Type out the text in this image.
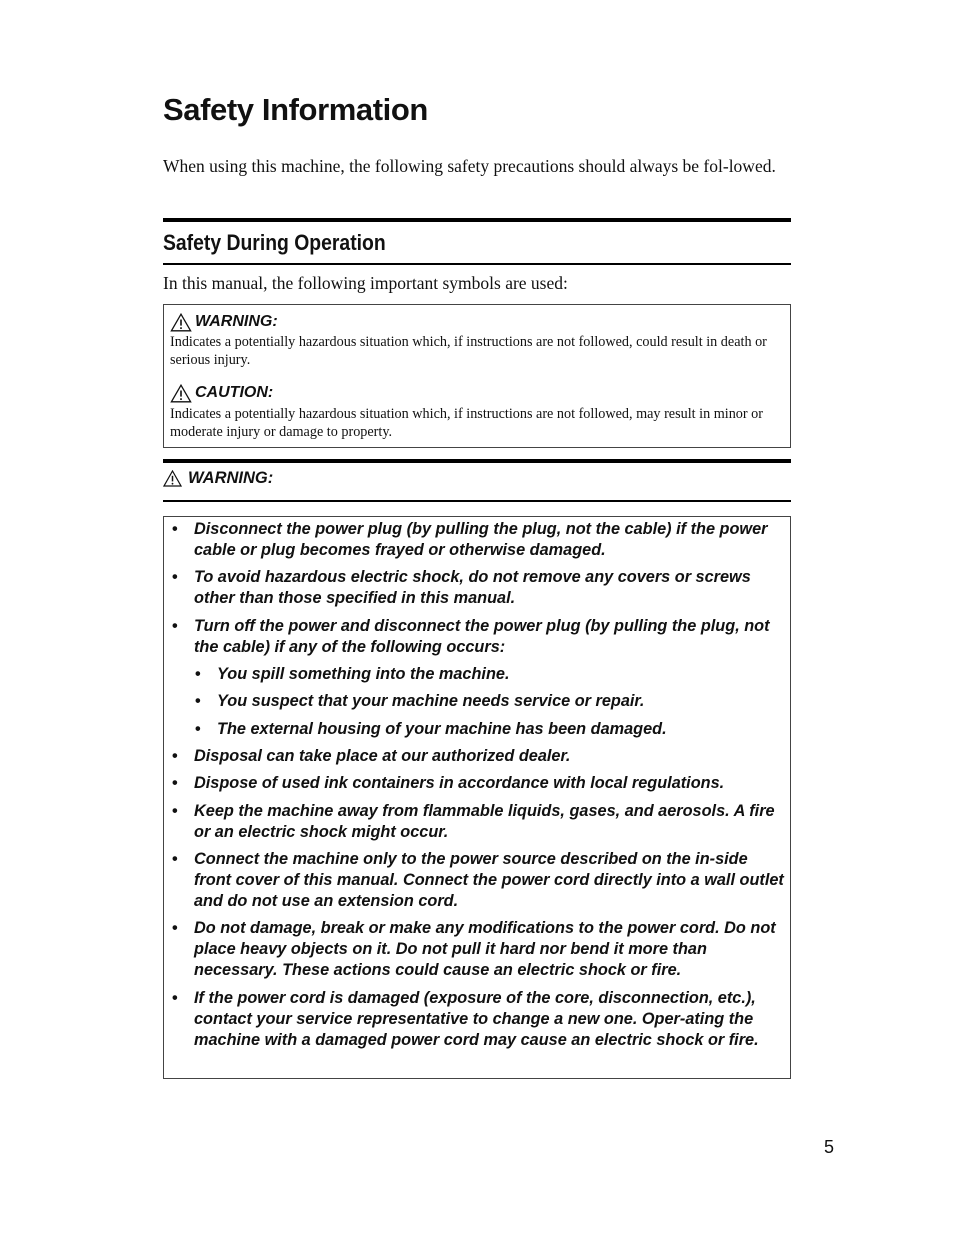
Safety Information

When using this machine, the following safety precautions should always be fol-lowed.

Safety During Operation

In this manual, the following important symbols are used:

WARNING:

Indicates a potentially hazardous situation which, if instructions are not followed, could result in death or serious injury.

CAUTION:

Indicates a potentially hazardous situation which, if instructions are not followed, may result in minor or moderate injury or damage to property.

WARNING:

• Disconnect the power plug (by pulling the plug, not the cable) if the power cable or plug becomes frayed or otherwise damaged.
• To avoid hazardous electric shock, do not remove any covers or screws other than those specified in this manual.
• Turn off the power and disconnect the power plug (by pulling the plug, not the cable) if any of the following occurs:
• You spill something into the machine.
• You suspect that your machine needs service or repair.
• The external housing of your machine has been damaged.
• Disposal can take place at our authorized dealer.
• Dispose of used ink containers in accordance with local regulations.
• Keep the machine away from flammable liquids, gases, and aerosols. A fire or an electric shock might occur.
• Connect the machine only to the power source described on the in-side front cover of this manual. Connect the power cord directly into a wall outlet and do not use an extension cord.
• Do not damage, break or make any modifications to the power cord. Do not place heavy objects on it. Do not pull it hard nor bend it more than necessary. These actions could cause an electric shock or fire.
• If the power cord is damaged (exposure of the core, disconnection, etc.), contact your service representative to change a new one. Oper-ating the machine with a damaged power cord may cause an electric shock or fire.

5
